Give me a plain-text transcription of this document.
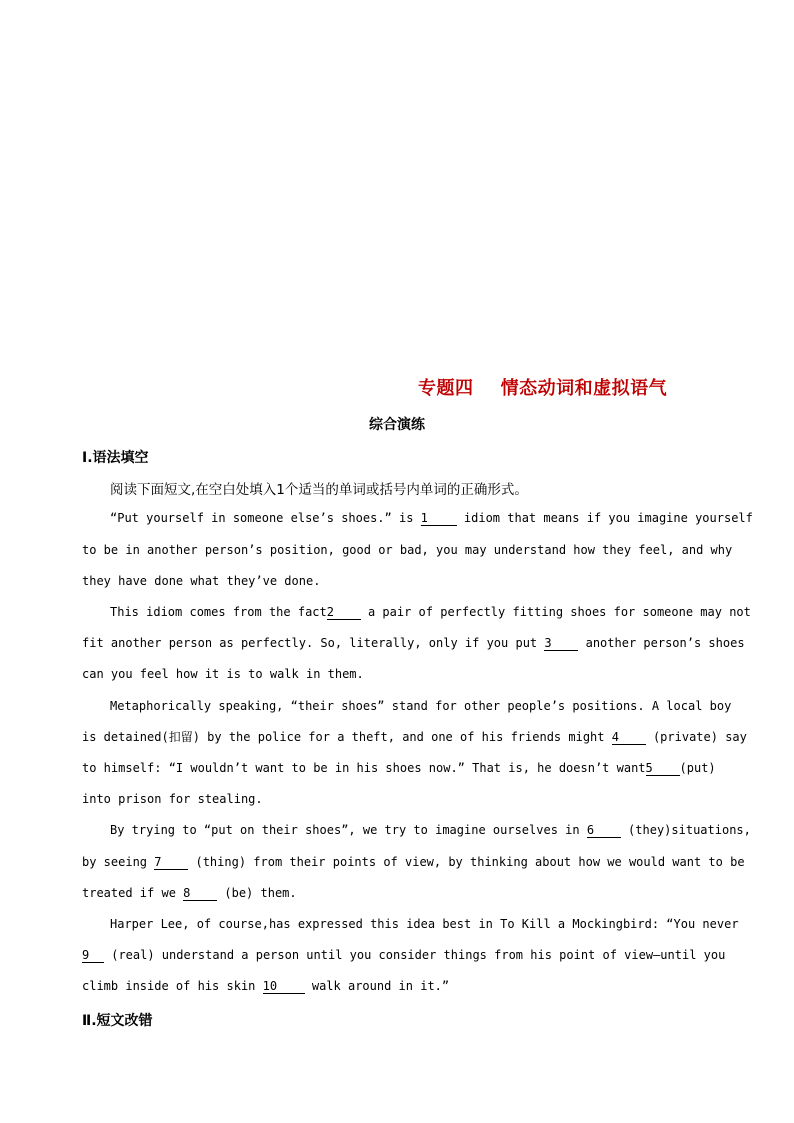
专题四    情态动词和虚拟语气
综合演练
Ⅰ.语法填空
阅读下面短文,在空白处填入1个适当的单词或括号内单词的正确形式。
“Put yourself in someone else’s shoes.” is 1 idiom that means if you imagine yourself
to be in another person’s position, good or bad, you may understand how they feel, and why
they have done what they’ve done.
This idiom comes from the fact2 a pair of perfectly fitting shoes for someone may not
fit another person as perfectly. So, literally, only if you put 3 another person’s shoes
can you feel how it is to walk in them.
Metaphorically speaking, “their shoes” stand for other people’s positions. A local boy
is detained(扣留) by the police for a theft, and one of his friends might 4 (private) say
to himself: “I wouldn’t want to be in his shoes now.” That is, he doesn’t want5 (put)
into prison for stealing.
By trying to “put on their shoes”, we try to imagine ourselves in 6 (they)situations,
by seeing 7 (thing) from their points of view, by thinking about how we would want to be
treated if we 8 (be) them.
Harper Lee, of course,has expressed this idea best in To Kill a Mockingbird: “You never
9 (real) understand a person until you consider things from his point of view—until you
climb inside of his skin 10 walk around in it.”
Ⅱ.短文改错
